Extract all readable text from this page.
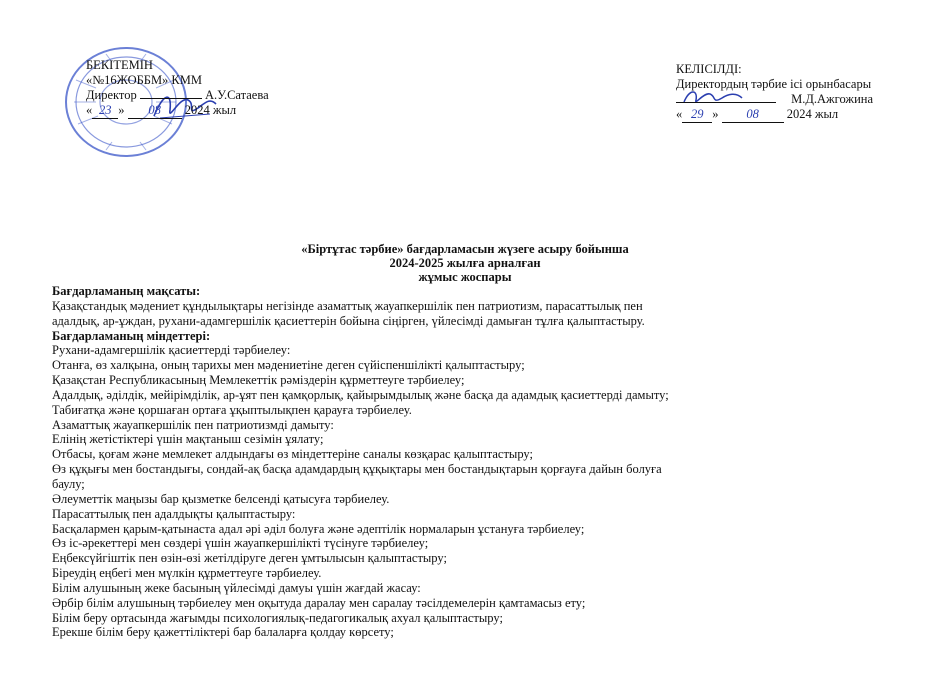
БЕКІТЕМІН
«№16ЖОББМ» КММ
Директор	А.У.Сатаева
« 23 » 08 2024 жыл
КЕЛІСІЛДІ:
Директордың тәрбие ісі орынбасары
М.Д.Ажгожина
« 29 » 08 2024 жыл
«Біртұтас тәрбие» бағдарламасын жүзеге асыру бойынша
2024-2025 жылға арналған
жұмыс жоспары
Бағдарламаның мақсаты:
Қазақстандық мәдениет құндылықтары негізінде азаматтық жауапкершілік пен патриотизм, парасаттылық пен
адалдық, ар-ұждан, рухани-адамгершілік қасиеттерін бойына сіңірген, үйлесімді дамыған тұлға қалыптастыру.
Бағдарламаның міндеттері:
Рухани-адамгершілік қасиеттерді тәрбиелеу:
Отанға, өз халқына, оның тарихы мен мәдениетіне деген сүйіспеншілікті қалыптастыру;
Қазақстан Республикасының Мемлекеттік рәміздерін құрметтеуге тәрбиелеу;
Адалдық, әділдік, мейірімділік, ар-ұят пен қамқорлық, қайырымдылық және басқа да адамдық қасиеттерді дамыту;
Табиғатқа және қоршаған ортаға ұқыптылықпен қарауға тәрбиелеу.
Азаматтық жауапкершілік пен патриотизмді дамыту:
Елінің жетістіктері үшін мақтаныш сезімін ұялату;
Отбасы, қоғам және мемлекет алдындағы өз міндеттеріне саналы көзқарас қалыптастыру;
Өз құқығы мен бостандығы, сондай-ақ басқа адамдардың құқықтары мен бостандықтарын қорғауға дайын болуға
баулу;
Әлеуметтік маңызы бар қызметке белсенді қатысуға тәрбиелеу.
Парасаттылық пен адалдықты қалыптастыру:
Басқалармен қарым-қатынаста адал әрі әділ болуға және әдептілік нормаларын ұстануға тәрбиелеу;
Өз іс-әрекеттері мен сөздері үшін жауапкершілікті түсінуге тәрбиелеу;
Еңбексүйгіштік пен өзін-өзі жетілдіруге деген ұмтылысын қалыптастыру;
Біреудің еңбегі мен мүлкін құрметтеуге тәрбиелеу.
Білім алушының жеке басының үйлесімді дамуы үшін жағдай жасау:
Әрбір білім алушының тәрбиелеу мен оқытуда даралау мен саралау тәсілдемелерін қамтамасыз ету;
Білім беру ортасында жағымды психологиялық-педагогикалық ахуал қалыптастыру;
Ерекше білім беру қажеттіліктері бар балаларға қолдау көрсету;
